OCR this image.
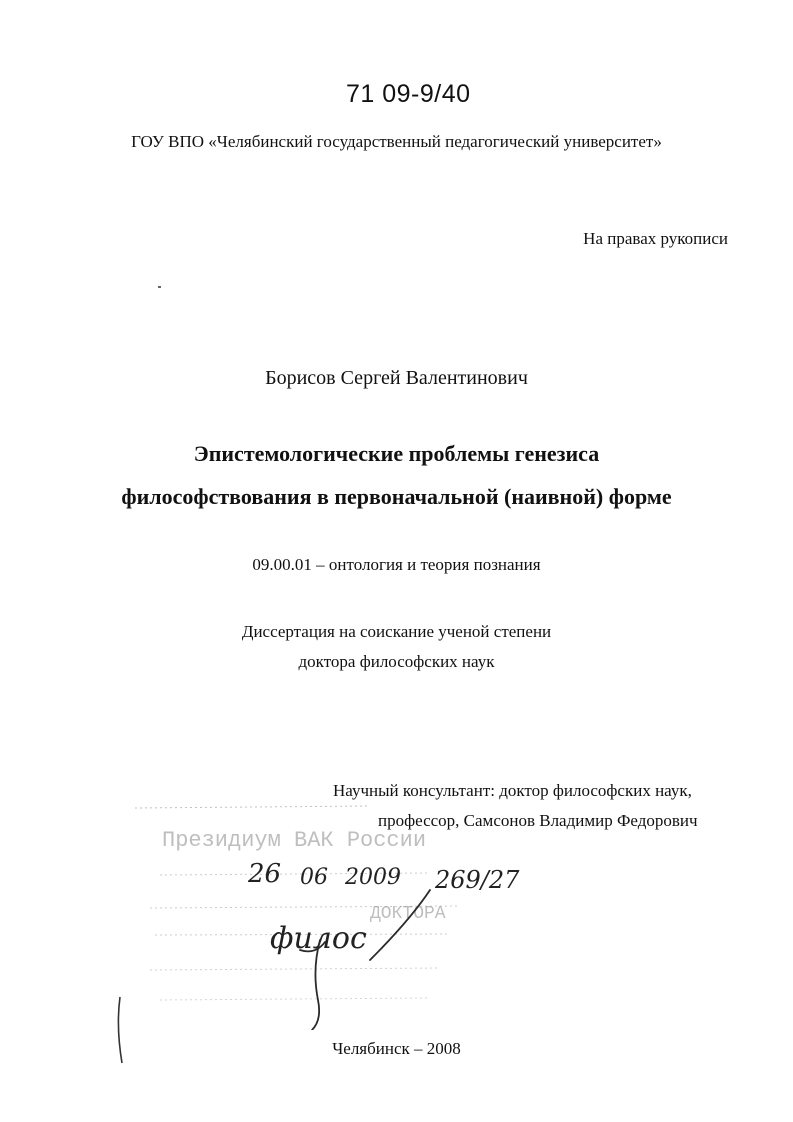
71 09-9/40
ГОУ ВПО «Челябинский государственный педагогический университет»
На правах рукописи
Борисов Сергей Валентинович
Эпистемологические проблемы генезиса
философствования в первоначальной (наивной) форме
09.00.01 – онтология и теория познания
Диссертация на соискание ученой степени
доктора философских наук
Научный консультант: доктор философских наук,
профессор, Самсонов Владимир Федорович
Президиум ВАК России
ДОКТОРА
26 06 2009 269/27
филос
Челябинск – 2008
